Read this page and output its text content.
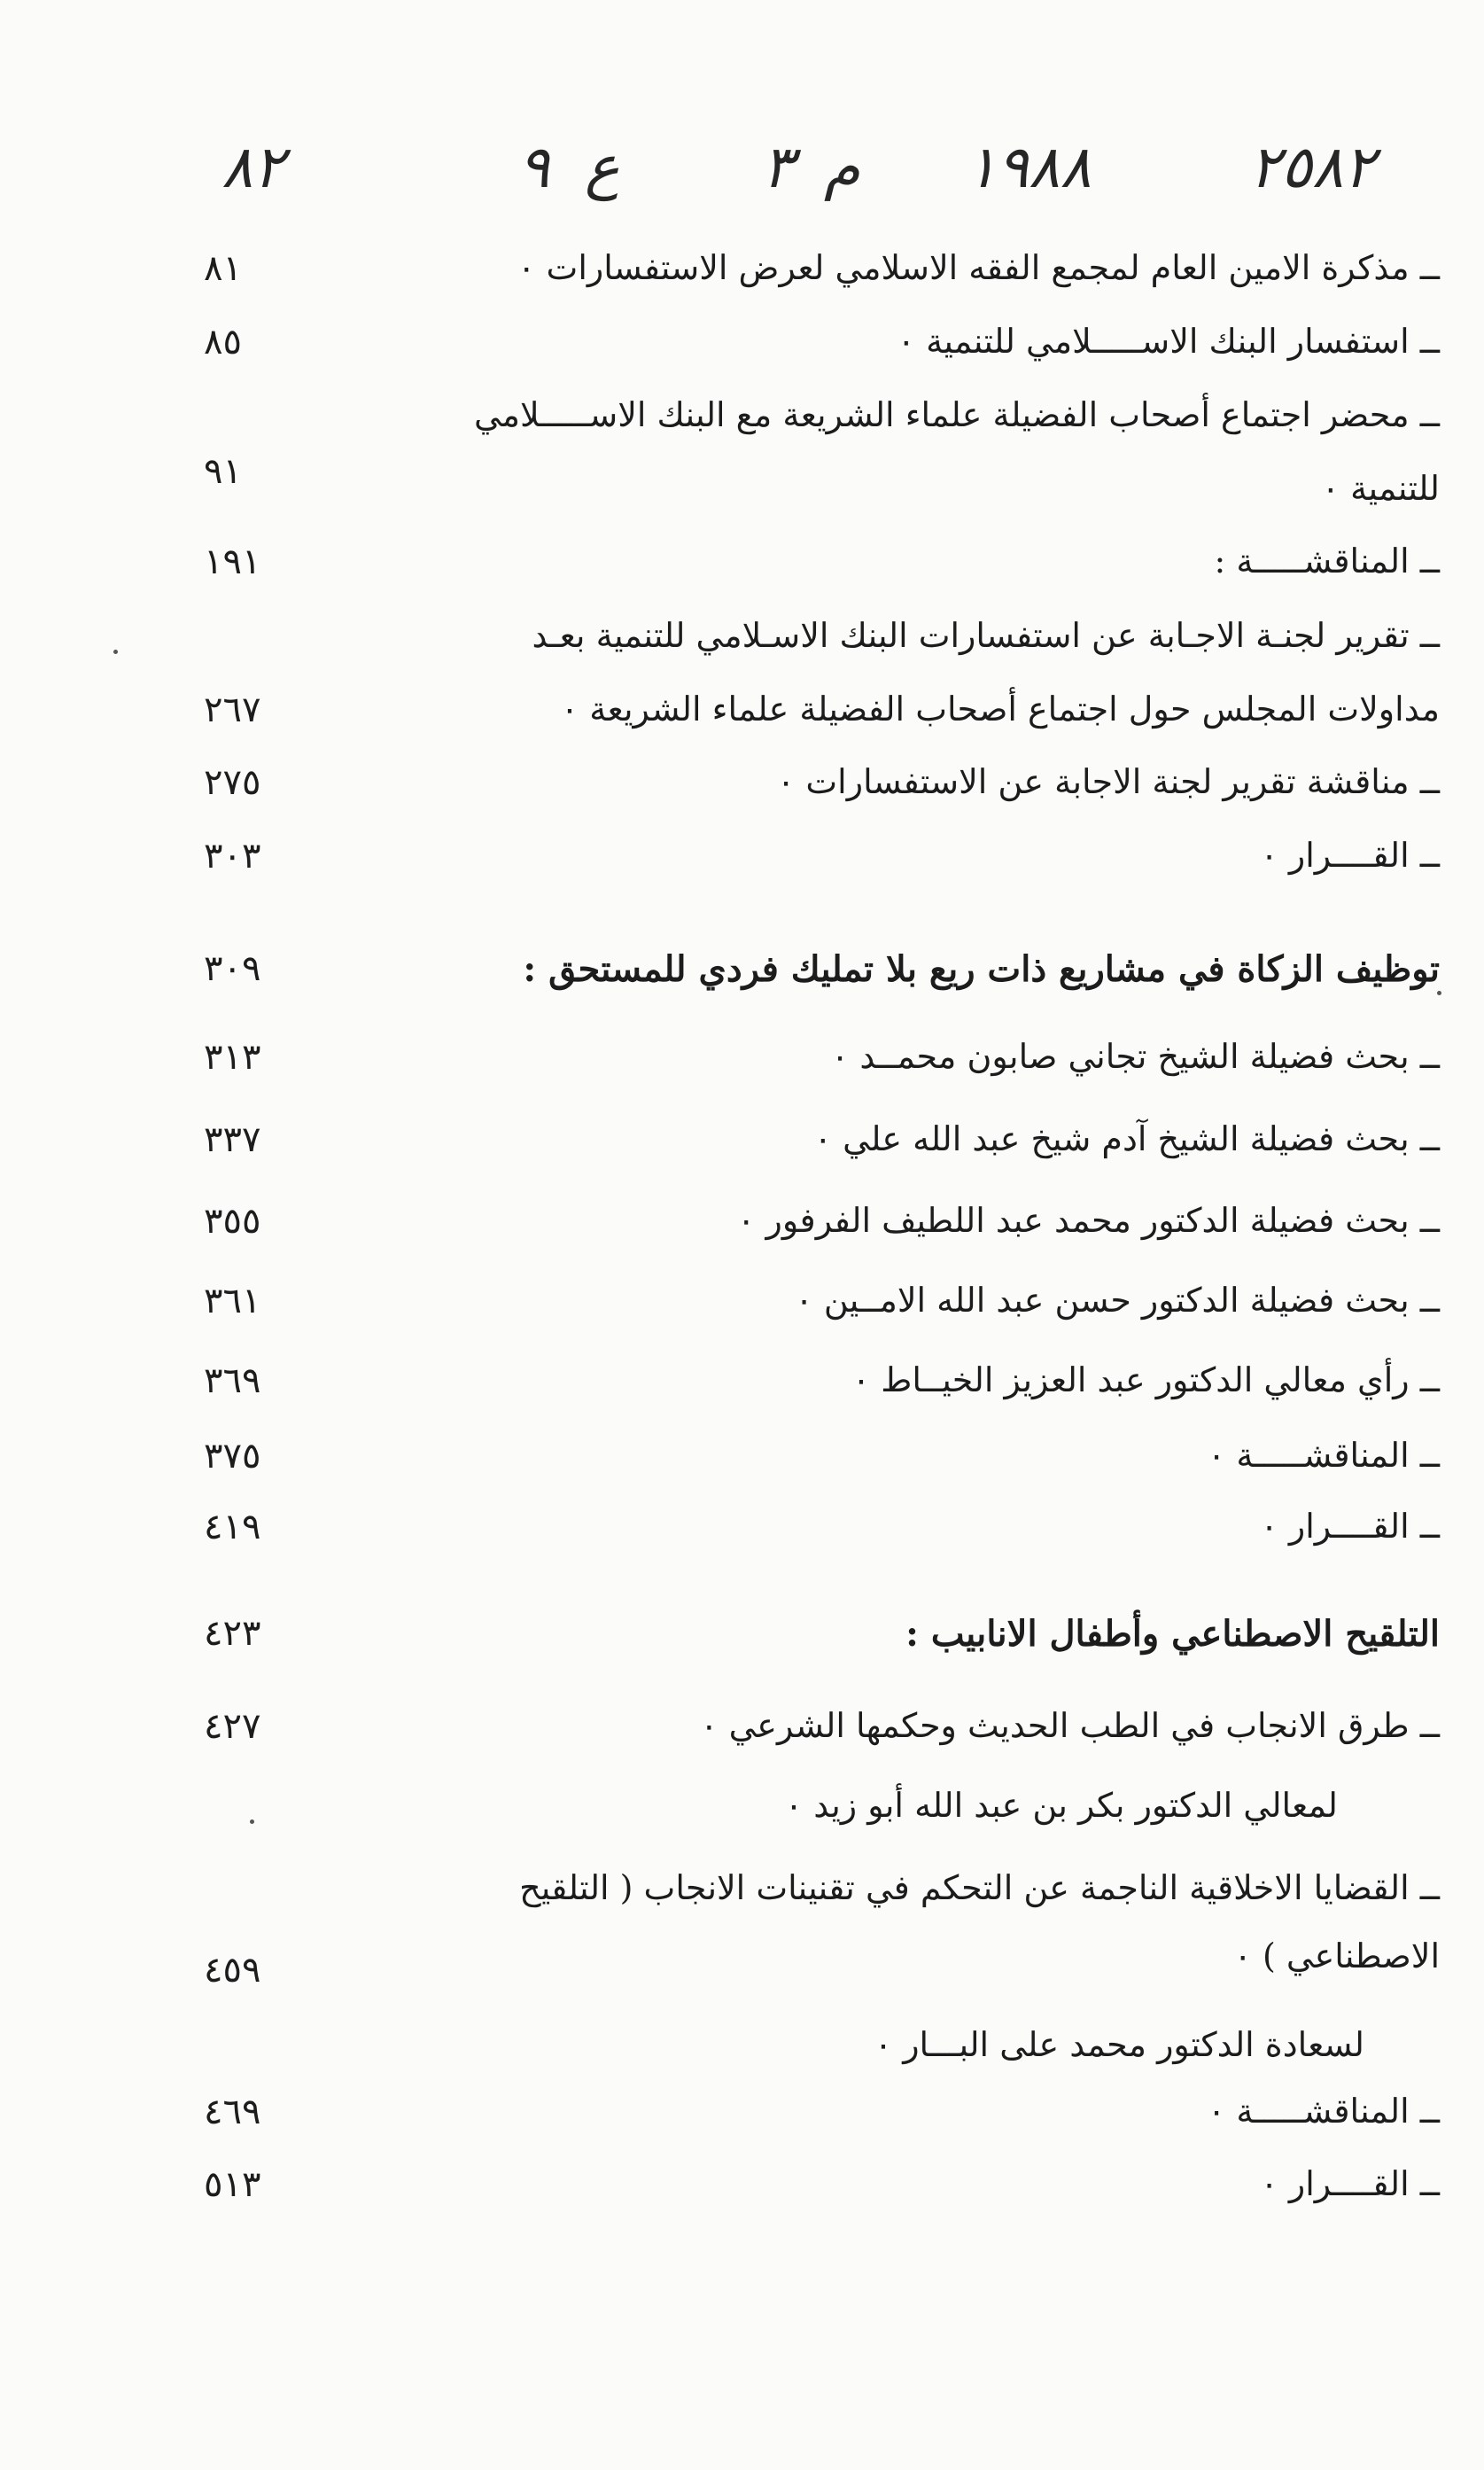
٨٢	٩ ع ٣ م ١٩٨٨	٢٥٨٢
ــ مذكرة الامين العام لمجمع الفقه الاسلامي لعرض الاستفسارات ٠
٨١
ــ استفسار البنك الاســـــلامي للتنمية ٠
٨٥
ــ محضر اجتماع أصحاب الفضيلة علماء الشريعة مع البنك الاســـــلامي
للتنمية ٠
٩١
ــ المناقشـــــة :
١٩١
ــ تقرير لجنـة الاجـابة عن استفسارات البنك الاسـلامي للتنمية بعـد
مداولات المجلس حول اجتماع أصحاب الفضيلة علماء الشريعة ٠
٢٦٧
ــ مناقشة تقرير لجنة الاجابة عن الاستفسارات ٠
٢٧٥
ــ القــــرار ٠
٣٠٣
توظيف الزكاة في مشاريع ذات ريع بلا تمليك فردي للمستحق :
٣٠٩
ــ بحث فضيلة الشيخ تجاني صابون محمــد ٠
٣١٣
ــ بحث فضيلة الشيخ آدم شيخ عبد الله علي ٠
٣٣٧
ــ بحث فضيلة الدكتور محمد عبد اللطيف الفرفور ٠
٣٥٥
ــ بحث فضيلة الدكتور حسن عبد الله الامــين ٠
٣٦١
ــ رأي معالي الدكتور عبد العزيز الخيــاط ٠
٣٦٩
ــ المناقشـــــة ٠
٣٧٥
ــ القــــرار ٠
٤١٩
التلقيح الاصطناعي وأطفال الانابيب :
٤٢٣
ــ طرق الانجاب في الطب الحديث وحكمها الشرعي ٠
٤٢٧
لمعالي الدكتور بكر بن عبد الله أبو زيد ٠
ــ القضايا الاخلاقية الناجمة عن التحكم في تقنينات الانجاب ( التلقيح
الاصطناعي ) ٠
٤٥٩
لسعادة الدكتور محمد على البـــار ٠
ــ المناقشـــــة ٠
٤٦٩
ــ القــــرار ٠
٥١٣
